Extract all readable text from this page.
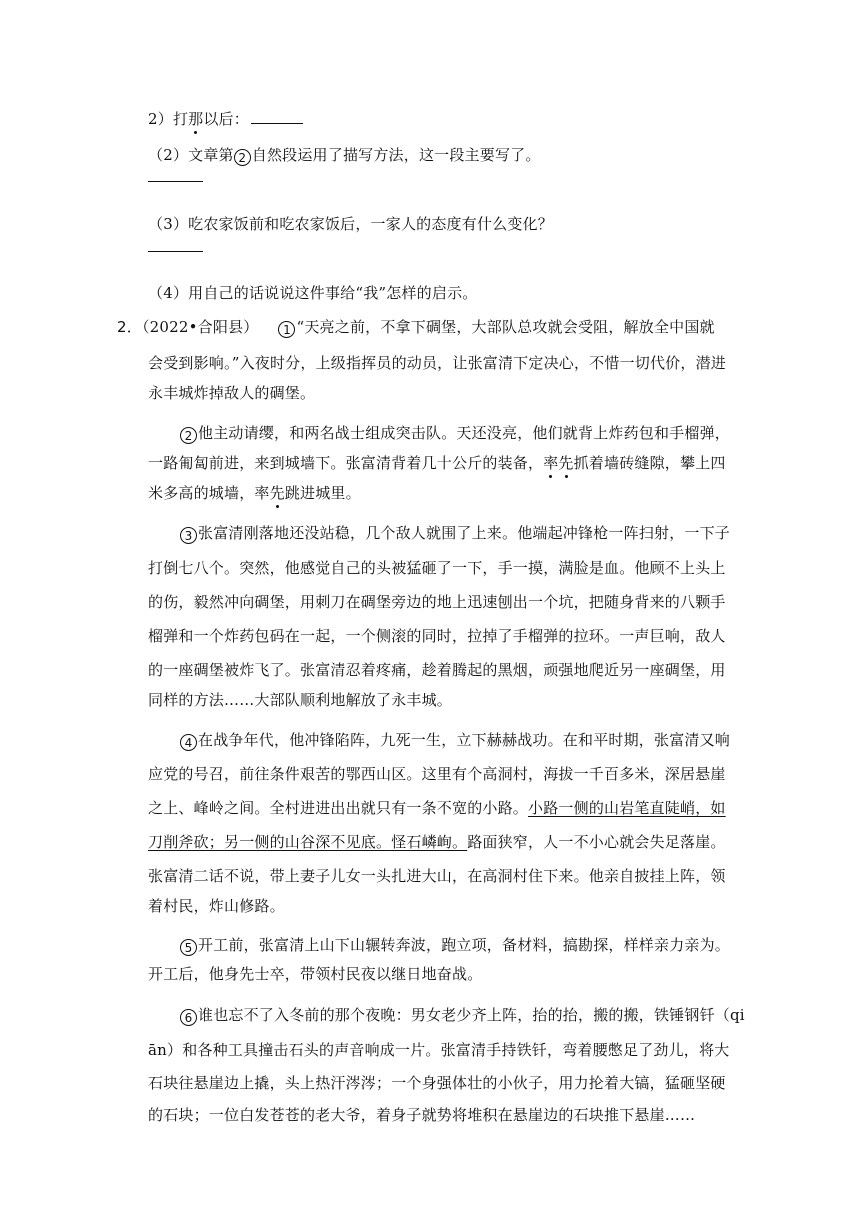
2）打那以后：
（2）文章第 2 自然段运用了描写方法，这一段主要写了。
（3）吃农家饭前和吃农家饭后，一家人的态度有什么变化？
（4）用自己的话说说这件事给“我”怎样的启示。
2．（2022•合阳县） 1 “天亮之前，不拿下碉堡，大部队总攻就会受阻，解放全中国就
会受到影响。”入夜时分，上级指挥员的动员，让张富清下定决心，不惜一切代价，潜进
永丰城炸掉敌人的碉堡。
2 他主动请缨，和两名战士组成突击队。天还没亮，他们就背上炸药包和手榴弹，
一路匍匐前进，来到城墙下。张富清背着几十公斤的装备，率先抓着墙砖缝隙，攀上四
米多高的城墙，率先跳进城里。
3 张富清刚落地还没站稳，几个敌人就围了上来。他端起冲锋枪一阵扫射，一下子
打倒七八个。突然，他感觉自己的头被猛砸了一下，手一摸，满脸是血。他顾不上头上
的伤，毅然冲向碉堡，用刺刀在碉堡旁边的地上迅速刨出一个坑，把随身背来的八颗手
榴弹和一个炸药包码在一起，一个侧滚的同时，拉掉了手榴弹的拉环。一声巨响，敌人
的一座碉堡被炸飞了。张富清忍着疼痛，趁着腾起的黑烟，顽强地爬近另一座碉堡，用
同样的方法……大部队顺利地解放了永丰城。
4 在战争年代，他冲锋陷阵，九死一生，立下赫赫战功。在和平时期，张富清又响
应党的号召，前往条件艰苦的鄂西山区。这里有个高洞村，海拔一千百多米，深居悬崖
之上、峰岭之间。全村进进出出就只有一条不宽的小路。小路一侧的山岩笔直陡峭，如
刀削斧砍；另一侧的山谷深不见底。怪石嶙峋。路面狭窄，人一不小心就会失足落崖。
张富清二话不说，带上妻子儿女一头扎进大山，在高洞村住下来。他亲自披挂上阵，领
着村民，炸山修路。
5 开工前，张富清上山下山辗转奔波，跑立项，备材料，搞勘探，样样亲力亲为。
开工后，他身先士卒，带领村民夜以继日地奋战。
6 谁也忘不了入冬前的那个夜晚：男女老少齐上阵，抬的抬，搬的搬，铁锤钢钎（qi
ān）和各种工具撞击石头的声音响成一片。张富清手持铁钎，弯着腰憋足了劲儿，将大
石块往悬崖边上撬，头上热汗涔涔；一个身强体壮的小伙子，用力抡着大镐，猛砸坚硬
的石块；一位白发苍苍的老大爷，着身子就势将堆积在悬崖边的石块推下悬崖……
